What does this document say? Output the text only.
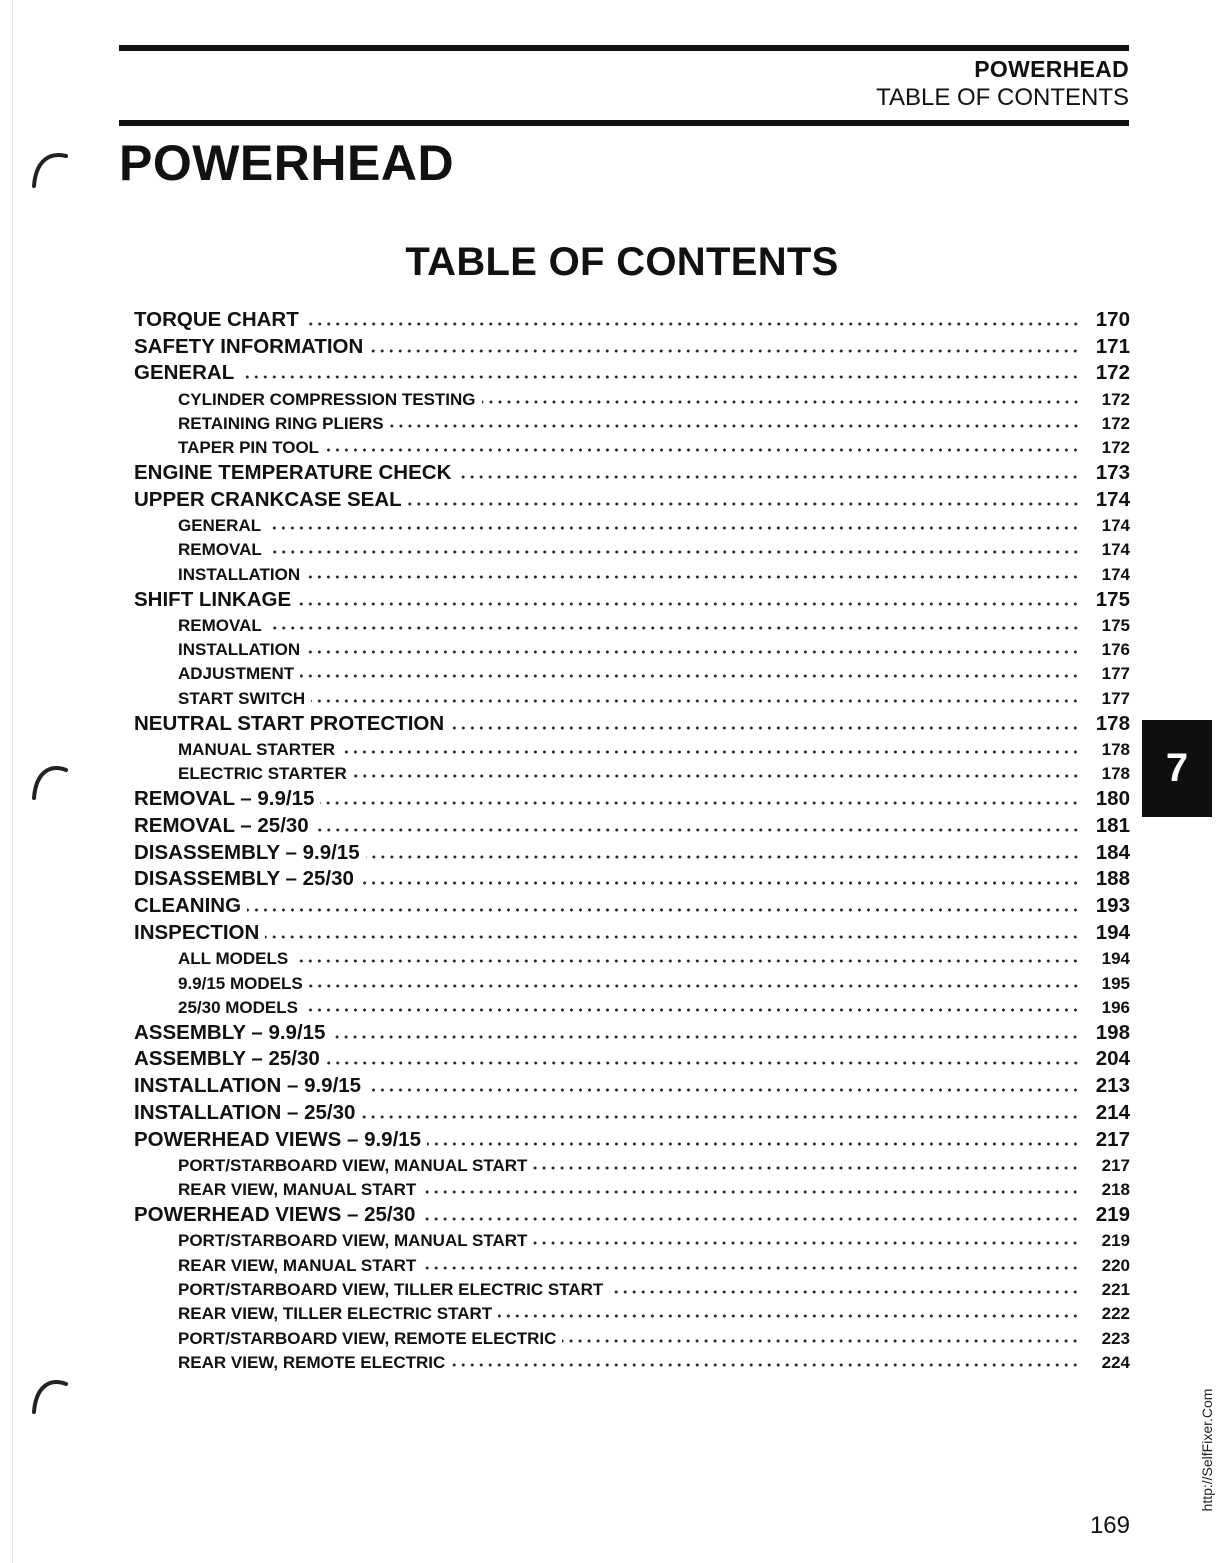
POWERHEAD
TABLE OF CONTENTS
POWERHEAD
TABLE OF CONTENTS
TORQUE CHART	170
SAFETY INFORMATION	171
GENERAL	172
CYLINDER COMPRESSION TESTING	172
RETAINING RING PLIERS	172
TAPER PIN TOOL	172
ENGINE TEMPERATURE CHECK	173
UPPER CRANKCASE SEAL	174
GENERAL	174
REMOVAL	174
INSTALLATION	174
SHIFT LINKAGE	175
REMOVAL	175
INSTALLATION	176
ADJUSTMENT	177
START SWITCH	177
NEUTRAL START PROTECTION	178
MANUAL STARTER	178
ELECTRIC STARTER	178
REMOVAL – 9.9/15	180
REMOVAL – 25/30	181
DISASSEMBLY – 9.9/15	184
DISASSEMBLY – 25/30	188
CLEANING	193
INSPECTION	194
ALL MODELS	194
9.9/15 MODELS	195
25/30 MODELS	196
ASSEMBLY – 9.9/15	198
ASSEMBLY – 25/30	204
INSTALLATION – 9.9/15	213
INSTALLATION – 25/30	214
POWERHEAD VIEWS – 9.9/15	217
PORT/STARBOARD VIEW, MANUAL START	217
REAR VIEW, MANUAL START	218
POWERHEAD VIEWS – 25/30	219
PORT/STARBOARD VIEW, MANUAL START	219
REAR VIEW, MANUAL START	220
PORT/STARBOARD VIEW, TILLER ELECTRIC START	221
REAR VIEW, TILLER ELECTRIC START	222
PORT/STARBOARD VIEW, REMOTE ELECTRIC	223
REAR VIEW, REMOTE ELECTRIC	224
7
169
http://SelfFixer.Com
